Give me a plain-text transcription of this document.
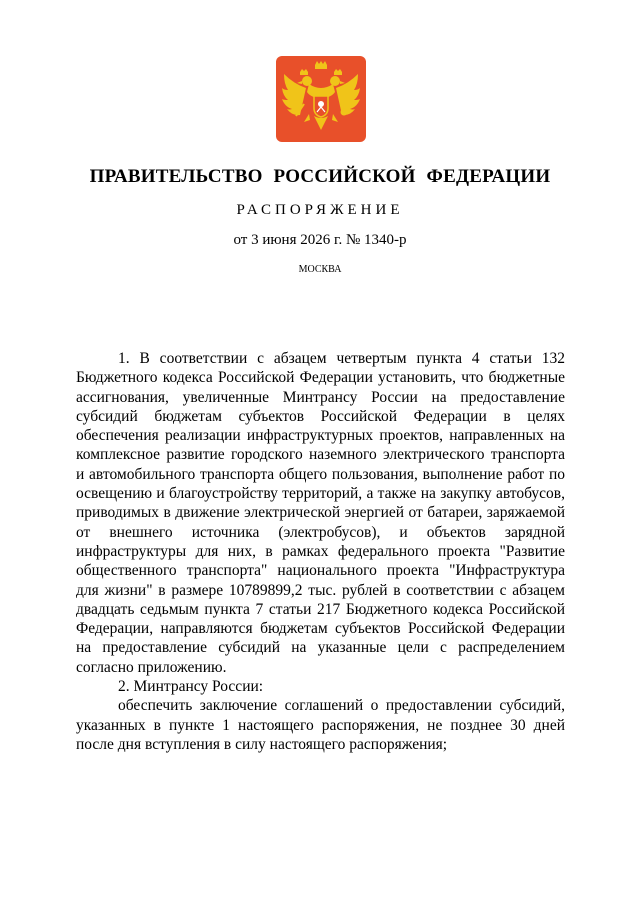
ПРАВИТЕЛЬСТВО РОССИЙСКОЙ ФЕДЕРАЦИИ
РАСПОРЯЖЕНИЕ
от 3 июня 2026 г. № 1340-р
МОСКВА

1. В соответствии с абзацем четвертым пункта 4 статьи 132 Бюджетного кодекса Российской Федерации установить, что бюджетные ассигнования, увеличенные Минтрансу России на предоставление субсидий бюджетам субъектов Российской Федерации в целях обеспечения реализации инфраструктурных проектов, направленных на комплексное развитие городского наземного электрического транспорта и автомобильного транспорта общего пользования, выполнение работ по освещению и благоустройству территорий, а также на закупку автобусов, приводимых в движение электрической энергией от батареи, заряжаемой от внешнего источника (электробусов), и объектов зарядной инфраструктуры для них, в рамках федерального проекта "Развитие общественного транспорта" национального проекта "Инфраструктура для жизни" в размере 10789899,2 тыс. рублей в соответствии с абзацем двадцать седьмым пункта 7 статьи 217 Бюджетного кодекса Российской Федерации, направляются бюджетам субъектов Российской Федерации на предоставление субсидий на указанные цели с распределением согласно приложению.

2. Минтрансу России:

обеспечить заключение соглашений о предоставлении субсидий, указанных в пункте 1 настоящего распоряжения, не позднее 30 дней после дня вступления в силу настоящего распоряжения;
